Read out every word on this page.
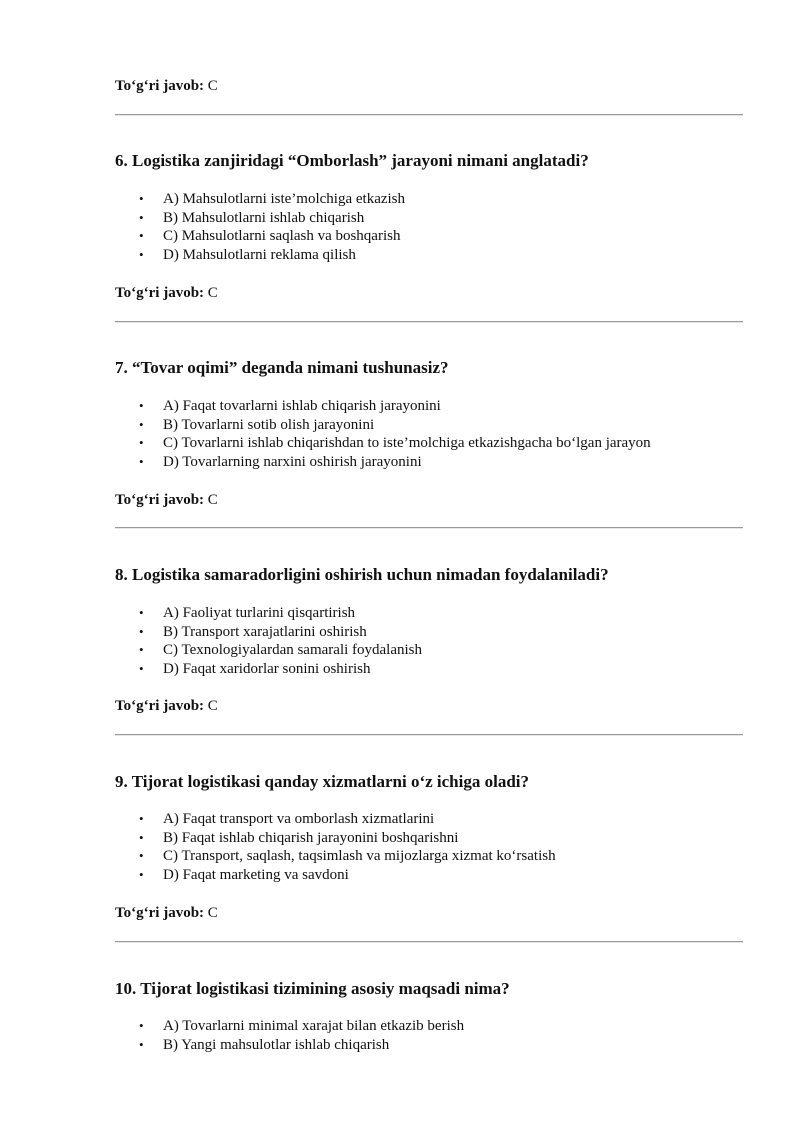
To‘g‘ri javob: C
6. Logistika zanjiridagi “Omborlash” jarayoni nimani anglatadi?
• A) Mahsulotlarni iste’molchiga etkazish
• B) Mahsulotlarni ishlab chiqarish
• C) Mahsulotlarni saqlash va boshqarish
• D) Mahsulotlarni reklama qilish
To‘g‘ri javob: C
7. “Tovar oqimi” deganda nimani tushunasiz?
• A) Faqat tovarlarni ishlab chiqarish jarayonini
• B) Tovarlarni sotib olish jarayonini
• C) Tovarlarni ishlab chiqarishdan to iste’molchiga etkazishgacha bo‘lgan jarayon
• D) Tovarlarning narxini oshirish jarayonini
To‘g‘ri javob: C
8. Logistika samaradorligini oshirish uchun nimadan foydalaniladi?
• A) Faoliyat turlarini qisqartirish
• B) Transport xarajatlarini oshirish
• C) Texnologiyalardan samarali foydalanish
• D) Faqat xaridorlar sonini oshirish
To‘g‘ri javob: C
9. Tijorat logistikasi qanday xizmatlarni o‘z ichiga oladi?
• A) Faqat transport va omborlash xizmatlarini
• B) Faqat ishlab chiqarish jarayonini boshqarishni
• C) Transport, saqlash, taqsimlash va mijozlarga xizmat ko‘rsatish
• D) Faqat marketing va savdoni
To‘g‘ri javob: C
10. Tijorat logistikasi tizimining asosiy maqsadi nima?
• A) Tovarlarni minimal xarajat bilan etkazib berish
• B) Yangi mahsulotlar ishlab chiqarish
